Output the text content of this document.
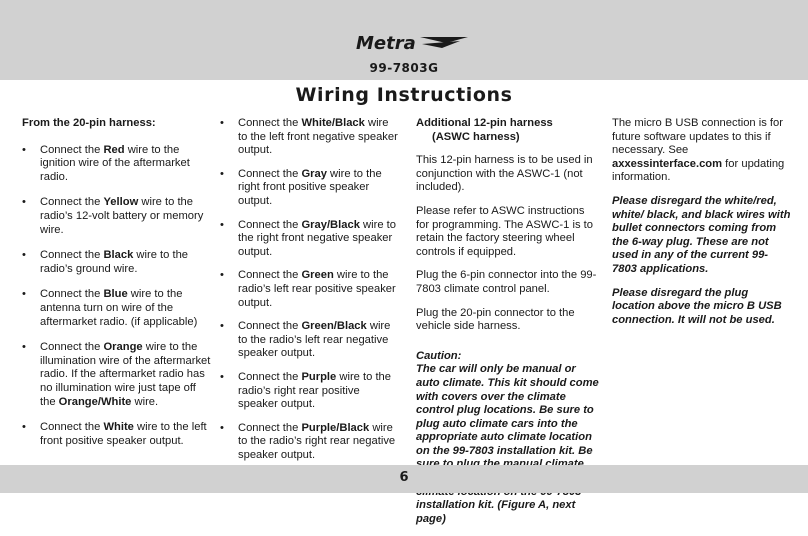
Metra
99-7803G
Wiring Instructions
From the 20-pin harness:
• Connect the Red wire to the ignition wire of the aftermarket radio.
• Connect the Yellow wire to the radio’s 12-volt battery or memory wire.
• Connect the Black wire to the radio’s ground wire.
• Connect the Blue wire to the antenna turn on wire of the aftermarket radio. (if applicable)
• Connect the Orange wire to the illumination wire of the aftermarket radio. If the aftermarket radio has no illumination wire just tape off the Orange/White wire.
• Connect the White wire to the left front positive speaker output.
• Connect the White/Black wire to the left front negative speaker output.
• Connect the Gray wire to the right front positive speaker output.
• Connect the Gray/Black wire to the right front negative speaker output.
• Connect the Green wire to the radio’s left rear positive speaker output.
• Connect the Green/Black wire to the radio’s left rear negative speaker output.
• Connect the Purple wire to the radio’s right rear positive speaker output.
• Connect the Purple/Black wire to the radio’s right rear negative speaker output.

Additional 12-pin harness
(ASWC harness)

This 12-pin harness is to be used in conjunction with the ASWC-1 (not included).

Please refer to ASWC instructions for programming. The ASWC-1 is to retain the factory steering wheel controls if equipped.

Plug the 6-pin connector into the 99-7803 climate control panel.

Plug the 20-pin connector to the vehicle side harness.

Caution:
The car will only be manual or auto climate. This kit should come with covers over the climate control plug locations. Be sure to plug auto climate cars into the appropriate auto climate location on the 99-7803 installation kit. Be installation kit. (Figure A, next page)

The micro B USB connection is for future software updates to this if necessary. See axxessinterface.com for updating information.

Please disregard the white/red, white/ black, and black wires with bullet connectors coming from the 6-way plug. These are not used in any of the current 99-7803 applications.

Please disregard the plug location above the micro B USB connection. It will not be used.

6
